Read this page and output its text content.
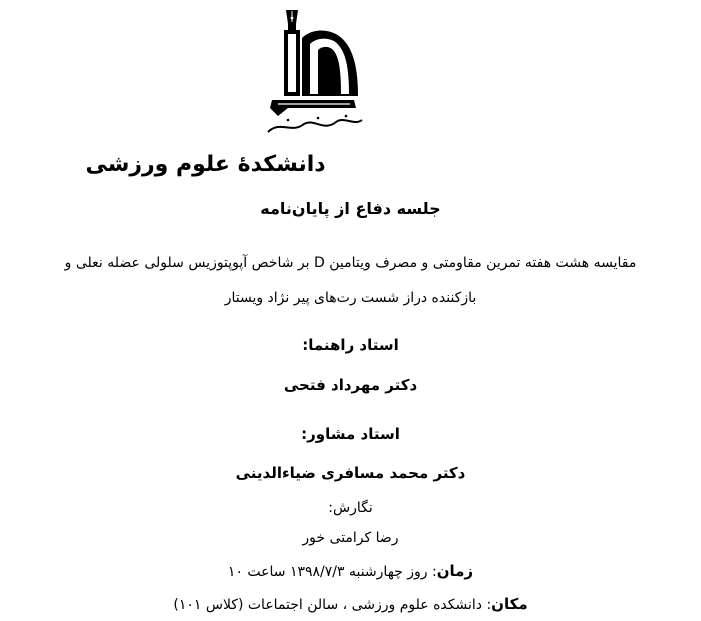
دانشکدهٔ علوم ورزشی
جلسه دفاع از پایان‌نامه
مقایسه هشت هفته تمرین مقاومتی و مصرف ویتامین D بر شاخص آپوپتوزیس سلولی عضله نعلی و
بازکننده دراز شست رت‌های پیر نژاد ویستار
استاد راهنما:
دکتر مهرداد فتحی
استاد مشاور:
دکتر محمد مسافری ضیاءالدینی
نگارش:
رضا کرامتی خور
زمان: روز چهارشنبه ۱۳۹۸/۷/۳ ساعت ۱۰
مکان: دانشکده علوم ورزشی ، سالن اجتماعات (کلاس ۱۰۱)
